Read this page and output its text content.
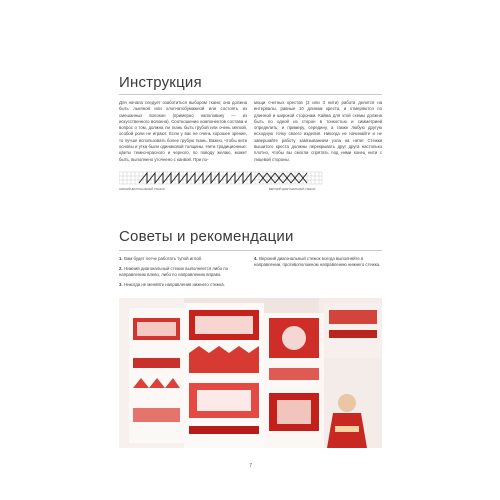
Инструкция

Для начала следует озаботиться выбором ткани; она должна быть льняной или хлопчатобумажной или состоять из смешанных волокон (примерно наполовину — из искусственного волокна). Соотношение компонентов состава и вопрос о том, должна ли ткань быть грубой или очень мягкой, особой роли не играют. Если у вас не очень хорошее зрение, то лучше использовать более грубую ткань. Важно, чтобы нити основы и утка были одинаковой толщины. Нити традиционные: цветы темно-красного и черного, по поводу желаю, может быть, выполнено уточнено с канвой. При по-

мощи счетных крестов (2 или 3 нити) работа делится на интервалы, равные 10 длинам креста, и отмеряются по длинной и широкой сторонам. Кайма для этой схемы должна быть по одной из сторон в тонкостью и симметрией определить, и примеру, середину, а также любую другую исходную точку своего изделия. Никогда не начинайте и не завершайте работу завязыванием узла на нити! Стежки вышитого креста должны перекрывать друг друга настолько плотно, чтобы вы смогли спрятать под ними конец нити с лицевой стороны.

НИЖНИЙ ДИАГОНАЛЬНЫЙ СТЕЖОК	ВЕРХНИЙ ДИАГОНАЛЬНЫЙ СТЕЖОК
Советы и рекомендации
1. Вам будет легче работать тупой иглой.
2. Нижний диагональный стежок выполняется либо по направлению влево, либо по направлению вправо.
3. Никогда не меняйте направления нижнего стежка.
4. Верхний диагональный стежок всегда выполняйте в направлении, противоположном направлению нижнего стежка.
7
